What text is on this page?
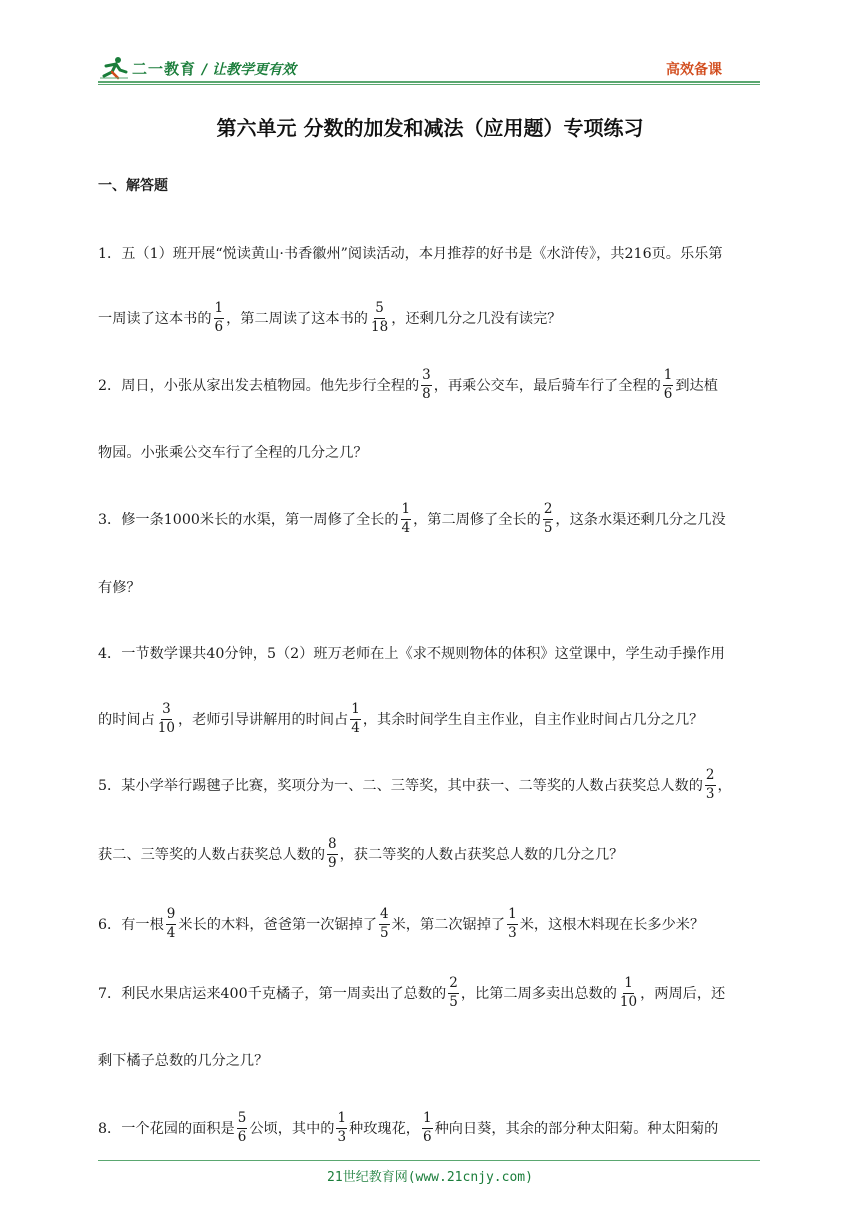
二一教育 / 让教学更有效	高效备课
第六单元 分数的加发和减法（应用题）专项练习
一、解答题
1．五（1）班开展“悦读黄山·书香徽州”阅读活动，本月推荐的好书是《水浒传》，共216页。乐乐第
一周读了这本书的 $\frac{1}{6}$ ，第二周读了这本书的 $\frac{5}{18}$ ，还剩几分之几没有读完？
2．周日，小张从家出发去植物园。他先步行全程的 $\frac{3}{8}$ ，再乘公交车，最后骑车行了全程的 $\frac{1}{6}$ 到达植
物园。小张乘公交车行了全程的几分之几？
3．修一条1000米长的水渠，第一周修了全长的 $\frac{1}{4}$ ，第二周修了全长的 $\frac{2}{5}$ ，这条水渠还剩几分之几没
有修？
4．一节数学课共40分钟，5（2）班万老师在上《求不规则物体的体积》这堂课中，学生动手操作用
的时间占 $\frac{3}{10}$ ，老师引导讲解用的时间占 $\frac{1}{4}$ ，其余时间学生自主作业，自主作业时间占几分之几？
5．某小学举行踢毽子比赛，奖项分为一、二、三等奖，其中获一、二等奖的人数占获奖总人数的 $\frac{2}{3}$ ，
获二、三等奖的人数占获奖总人数的 $\frac{8}{9}$ ，获二等奖的人数占获奖总人数的几分之几？
6．有一根 $\frac{9}{4}$ 米长的木料，爸爸第一次锯掉了 $\frac{4}{5}$ 米，第二次锯掉了 $\frac{1}{3}$ 米，这根木料现在长多少米？
7．利民水果店运来400千克橘子，第一周卖出了总数的 $\frac{2}{5}$ ，比第二周多卖出总数的 $\frac{1}{10}$ ，两周后，还
剩下橘子总数的几分之几？
8．一个花园的面积是 $\frac{5}{6}$ 公顷，其中的 $\frac{1}{3}$ 种玫瑰花， $\frac{1}{6}$ 种向日葵，其余的部分种太阳菊。种太阳菊的
21世纪教育网(www.21cnjy.com)
